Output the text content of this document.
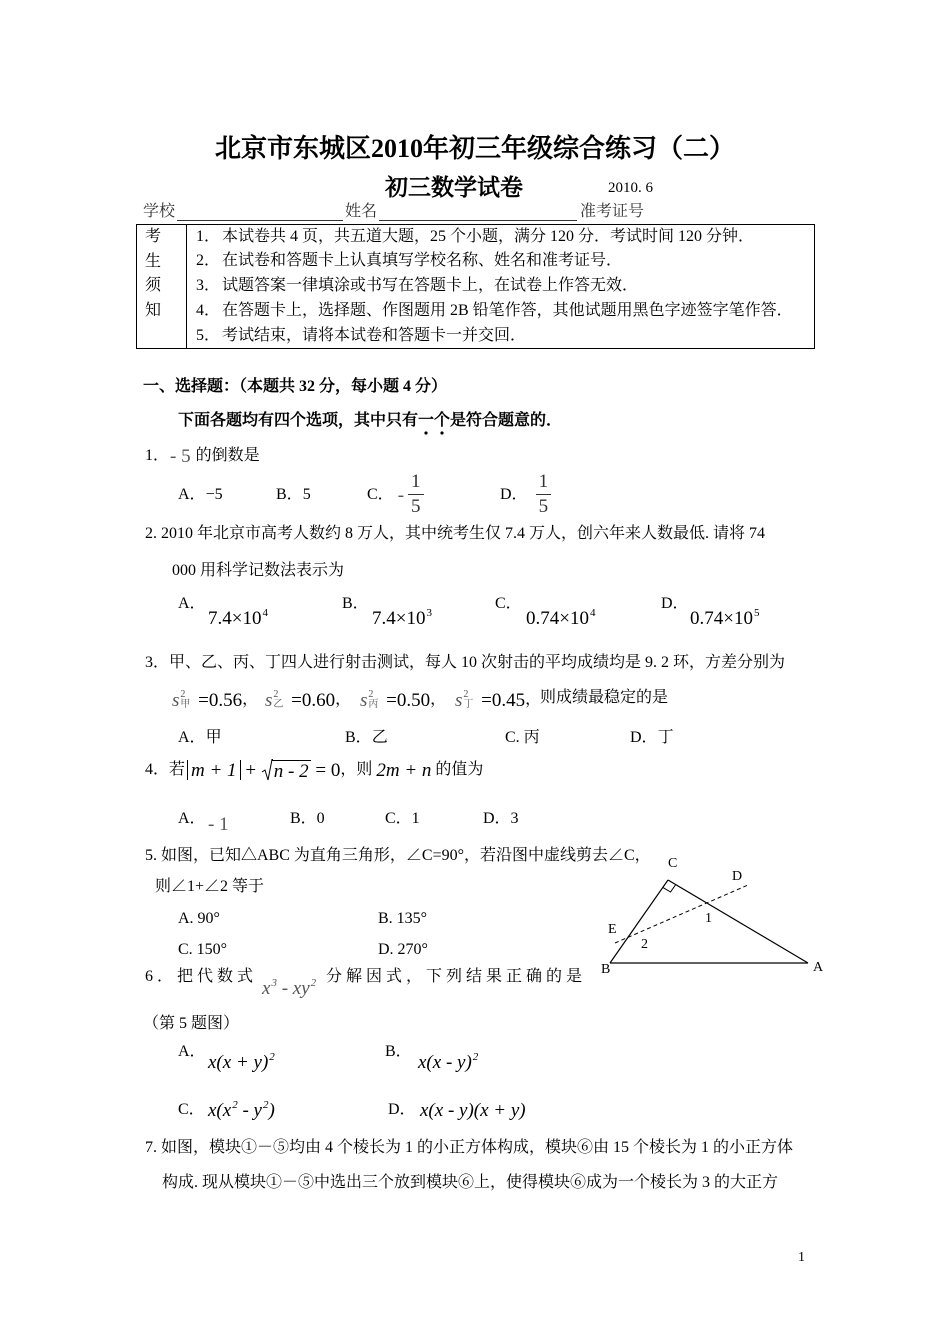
北京市东城区2010年初三年级综合练习（二）
初三数学试卷	2010. 6
学校	姓名	准考证号
考
生
须
知
1． 本试卷共 4 页，共五道大题，25 个小题，满分 120 分．考试时间 120 分钟．
2． 在试卷和答题卡上认真填写学校名称、姓名和准考证号．
3． 试题答案一律填涂或书写在答题卡上，在试卷上作答无效．
4． 在答题卡上，选择题、作图题用 2B 铅笔作答，其他试题用黑色字迹签字笔作答．
5． 考试结束，请将本试卷和答题卡一并交回．
一、选择题：（本题共 32 分，每小题 4 分）
下面各题均有四个选项，其中只有一个是符合题意的．
1． - 5 的倒数是
A． −5	B． 5	C． - $\frac{1}{5}$	D． $\frac{1}{5}$
2. 2010 年北京市高考人数约 8 万人，其中统考生仅 7.4 万人，创六年来人数最低. 请将 74
000 用科学记数法表示为
A．
$7.4\times 10^4$
B．
$7.4\times 10^3$
C．
$0.74\times 10^4$
D．
$0.74\times 10^5$
3．甲、乙、丙、丁四人进行射击测试，每人 10 次射击的平均成绩均是 9. 2 环，方差分别为
s 2
甲 =0.56 ， s 2
乙 =0.60 ， s 2
丙 =0.50 ， s 2
丁 =0.45 ，
则成绩最稳定的是
A．甲	B．乙	C. 丙	D．丁
4．若 m + 1 + n - 2 = 0 ，则 2m + n 的值为
A． - 1	B．0	C．1	D．3
5. 如图，已知△ABC 为直角三角形，∠C=90°，若沿图中虚线剪去∠C，
则∠1+∠2 等于
A. 90°	B. 135°
C. 150°	D. 270°
C
D
E
1
2
B	A
6．把代数式
$x^3 - xy^2$ 分解因式，下列结果正确的是
（第 5 题图）
A．
$x(x + y)^2$	B．
x(x - y)$^2$
C． $x(x^2 - y^2)$	D． x(x - y)(x + y)
7. 如图，模块①－⑤均由 4 个棱长为 1 的小正方体构成，模块⑥由 15 个棱长为 1 的小正方体
构成. 现从模块①－⑤中选出三个放到模块⑥上，使得模块⑥成为一个棱长为 3 的大正方
1
